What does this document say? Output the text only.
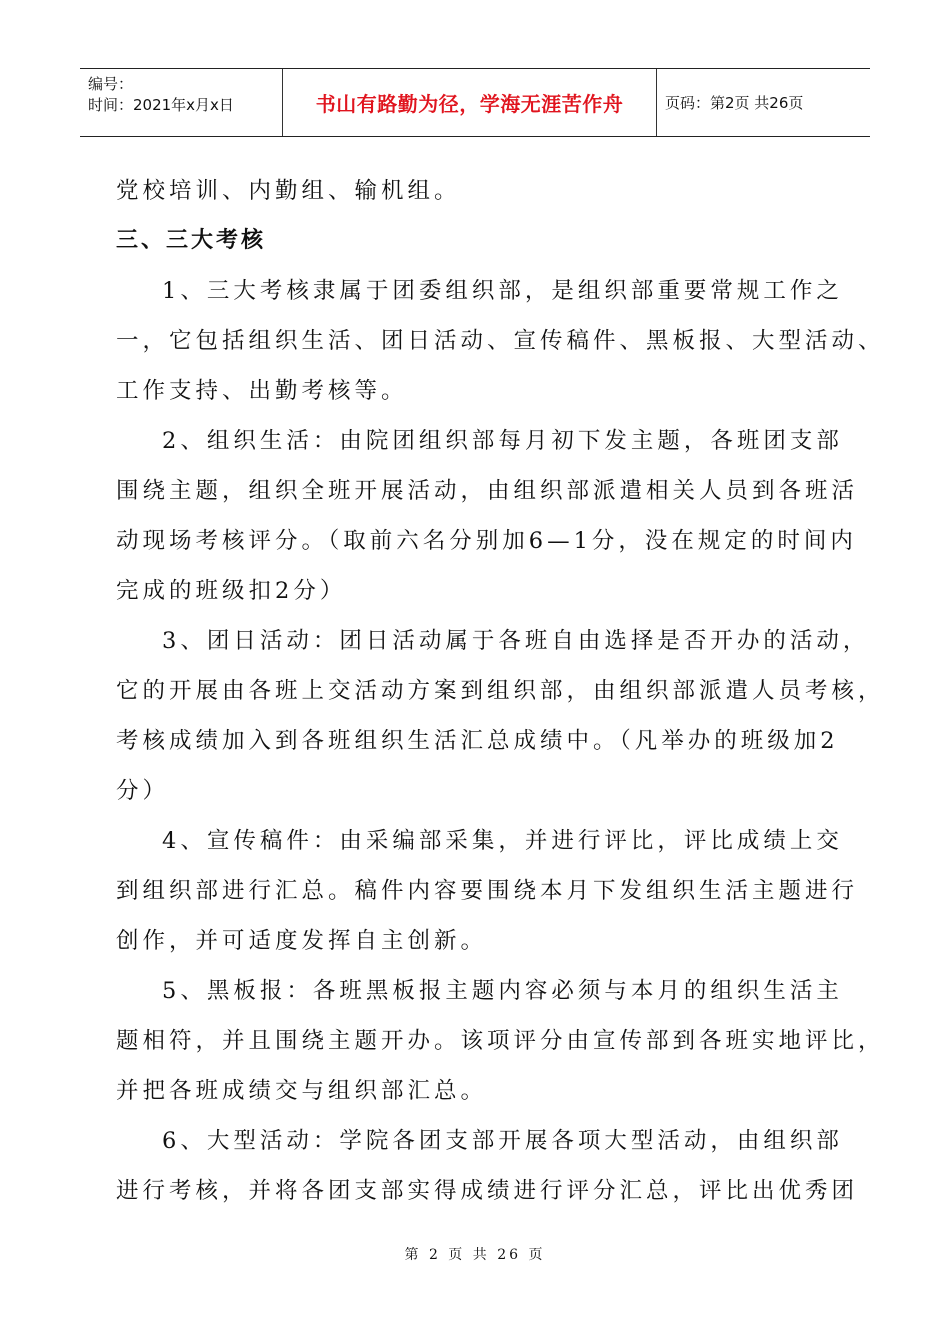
编号：
时间：2021年x月x日	书山有路勤为径，学海无涯苦作舟	页码：第2页 共26页
党校培训、内勤组、输机组。
三、三大考核
1、三大考核隶属于团委组织部，是组织部重要常规工作之
一，它包括组织生活、团日活动、宣传稿件、黑板报、大型活动、
工作支持、出勤考核等。
2、组织生活：由院团组织部每月初下发主题，各班团支部
围绕主题，组织全班开展活动，由组织部派遣相关人员到各班活
动现场考核评分。（取前六名分别加6—1分，没在规定的时间内
完成的班级扣2分）
3、团日活动：团日活动属于各班自由选择是否开办的活动，
它的开展由各班上交活动方案到组织部，由组织部派遣人员考核，
考核成绩加入到各班组织生活汇总成绩中。（凡举办的班级加2
分）
4、宣传稿件：由采编部采集，并进行评比，评比成绩上交
到组织部进行汇总。稿件内容要围绕本月下发组织生活主题进行
创作，并可适度发挥自主创新。
5、黑板报：各班黑板报主题内容必须与本月的组织生活主
题相符，并且围绕主题开办。该项评分由宣传部到各班实地评比，
并把各班成绩交与组织部汇总。
6、大型活动：学院各团支部开展各项大型活动，由组织部
进行考核，并将各团支部实得成绩进行评分汇总，评比出优秀团
第 2 页 共 26 页
